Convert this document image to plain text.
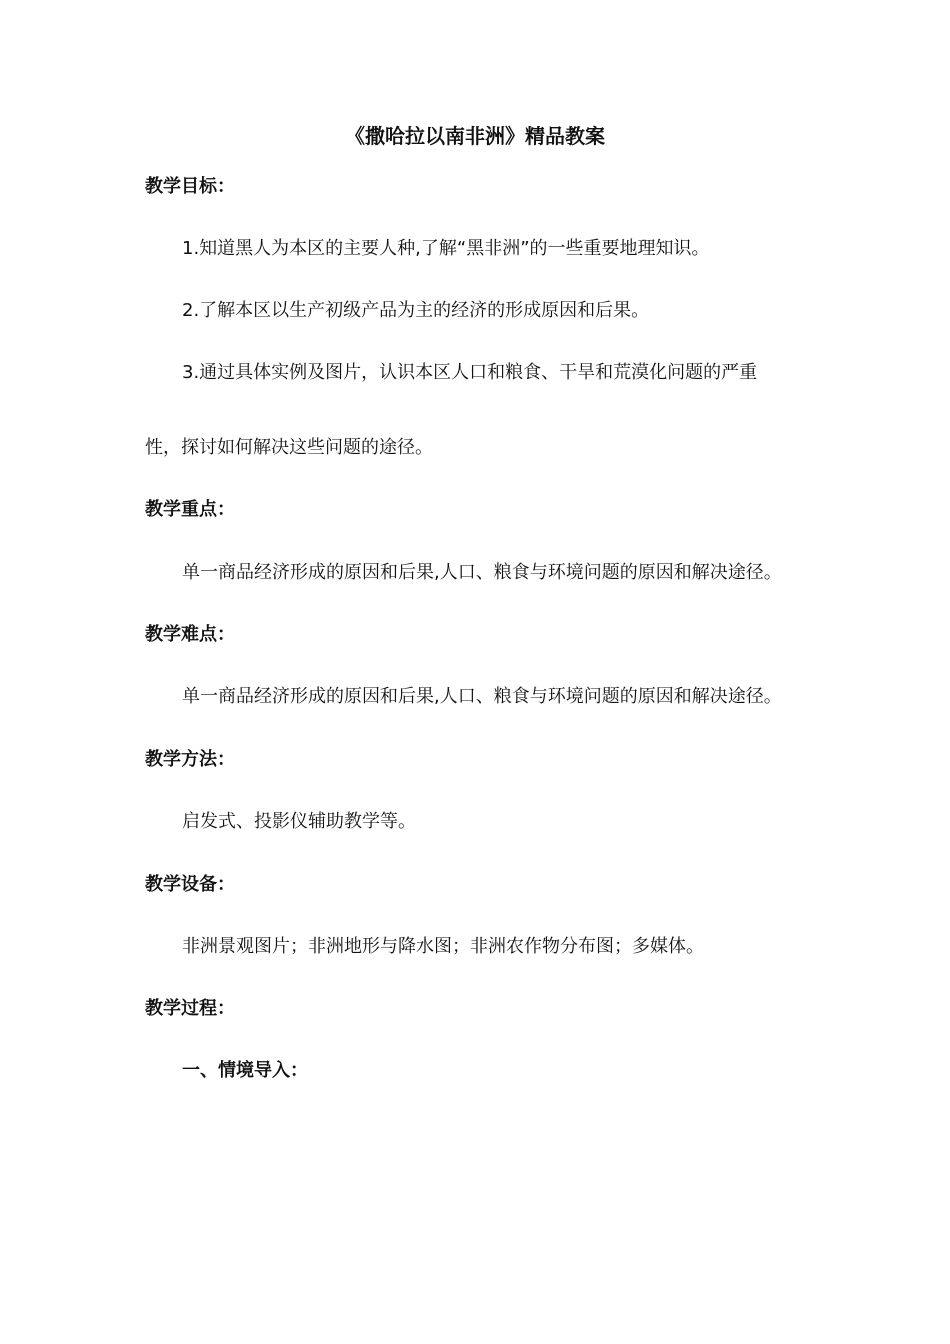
《撒哈拉以南非洲》精品教案
教学目标：
1.知道黑人为本区的主要人种,了解“黑非洲”的一些重要地理知识。
2.了解本区以生产初级产品为主的经济的形成原因和后果。
3.通过具体实例及图片，认识本区人口和粮食、干旱和荒漠化问题的严重
性，探讨如何解决这些问题的途径。
教学重点：
单一商品经济形成的原因和后果,人口、粮食与环境问题的原因和解决途径。
教学难点：
单一商品经济形成的原因和后果,人口、粮食与环境问题的原因和解决途径。
教学方法：
启发式、投影仪辅助教学等。
教学设备：
非洲景观图片；非洲地形与降水图；非洲农作物分布图；多媒体。
教学过程：
一、情境导入：
